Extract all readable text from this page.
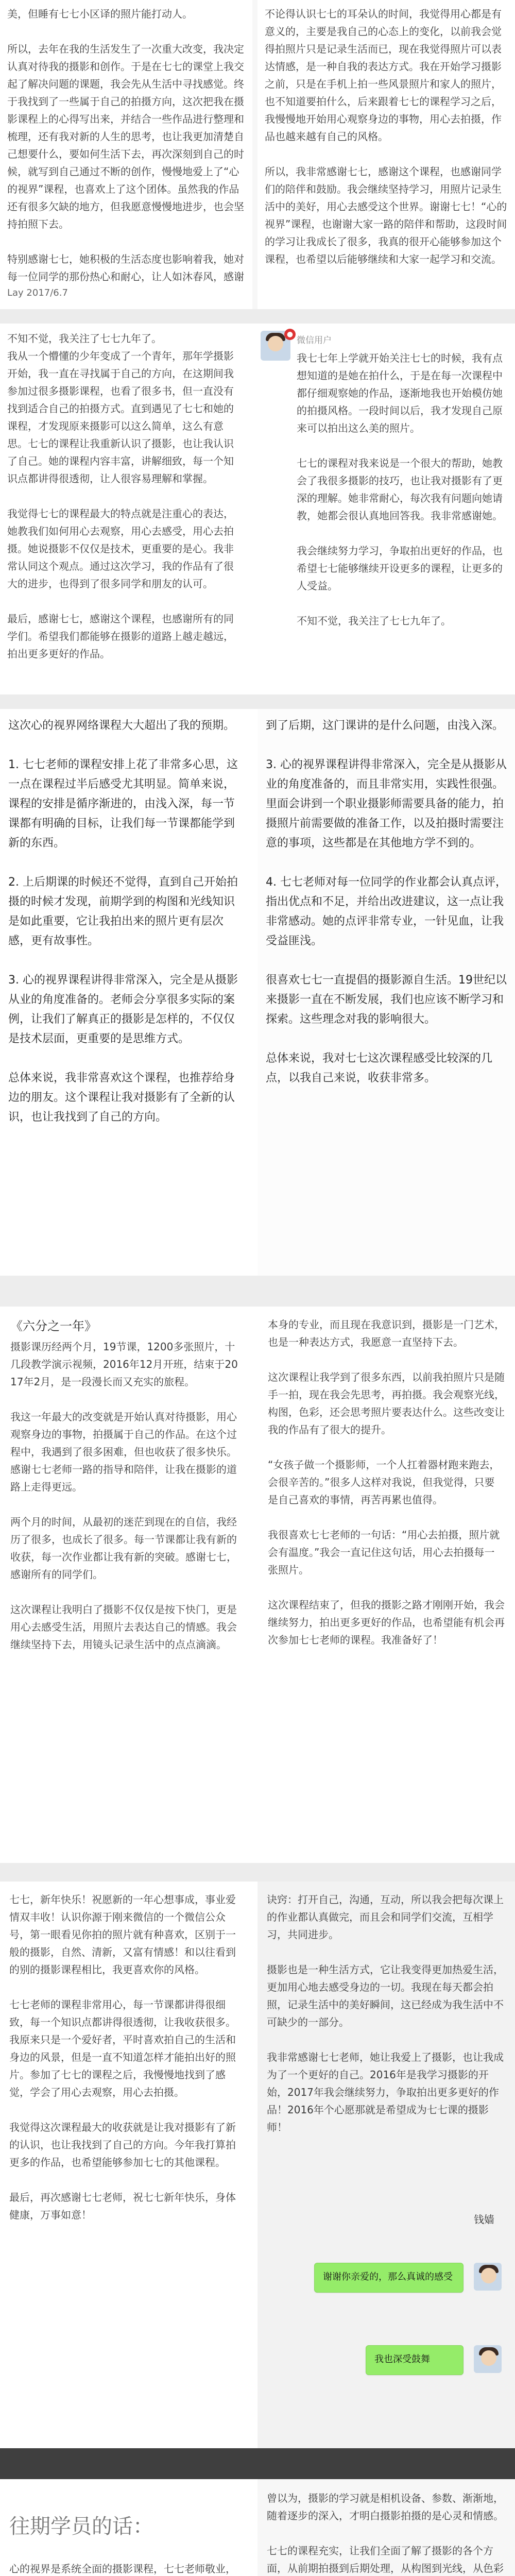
美，但睡有七七小区译的照片能打动人。

所以，去年在我的生活发生了一次重大改变，我决定认真对待我的摄影和创作。于是在七七的课堂上我交起了解决问题的课题，我会先从生活中寻找感觉。终于我找到了一些属于自己的拍摄方向，这次把我在摄影课程上的心得写出来，并结合一些作品进行整理和梳理，还有我对新的人生的思考，也让我更加清楚自己想要什么，要如何生活下去，再次深刻到自己的时候，就写到自己通过不断的创作，慢慢地爱上了“心的视界”课程，也喜欢上了这个团体。虽然我的作品还有很多欠缺的地方，但我愿意慢慢地进步，也会坚持拍照下去。

特别感谢七七，她积极的生活态度也影响着我，她对每一位同学的那份热心和耐心，让人如沐春风，感谢
Lay 2017/6.7
不论得认识七七的耳朵认的时间，我觉得用心都是有意义的，主要是我自己的心态上的变化，以前我会觉得拍照片只是记录生活而已，现在我觉得照片可以表达情感，是一种自我的表达方式。我在开始学习摄影之前，只是在手机上拍一些风景照片和家人的照片，也不知道要拍什么，后来跟着七七的课程学习之后，我慢慢地开始用心观察身边的事物，用心去拍摄，作品也越来越有自己的风格。

所以，我非常感谢七七，感谢这个课程，也感谢同学们的陪伴和鼓励。我会继续坚持学习，用照片记录生活中的美好，用心去感受这个世界。谢谢七七！“心的视界”课程，也谢谢大家一路的陪伴和帮助，这段时间的学习让我成长了很多，我真的很开心能够参加这个课程，也希望以后能够继续和大家一起学习和交流。
不知不觉，我关注了七七九年了。
我从一个懵懂的少年变成了一个青年，那年学摄影开始，我一直在寻找属于自己的方向，在这期间我参加过很多摄影课程，也看了很多书，但一直没有找到适合自己的拍摄方式。直到遇见了七七和她的课程，才发现原来摄影可以这么简单，这么有意思。七七的课程让我重新认识了摄影，也让我认识了自己。她的课程内容丰富，讲解细致，每一个知识点都讲得很透彻，让人很容易理解和掌握。

我觉得七七的课程最大的特点就是注重心的表达，她教我们如何用心去观察，用心去感受，用心去拍摄。她说摄影不仅仅是技术，更重要的是心。我非常认同这个观点。通过这次学习，我的作品有了很大的进步，也得到了很多同学和朋友的认可。

最后，感谢七七，感谢这个课程，也感谢所有的同学们。希望我们都能够在摄影的道路上越走越远，拍出更多更好的作品。
微信用户
●
我七七年上学就开始关注七七的时候，我有点想知道的是她在拍什么，于是在每一次课程中都仔细观察她的作品，逐渐地我也开始模仿她的拍摄风格。一段时间以后，我才发现自己原来可以拍出这么美的照片。

七七的课程对我来说是一个很大的帮助，她教会了我很多摄影的技巧，也让我对摄影有了更深的理解。她非常耐心，每次我有问题向她请教，她都会很认真地回答我。我非常感谢她。

我会继续努力学习，争取拍出更好的作品，也希望七七能够继续开设更多的课程，让更多的人受益。

不知不觉，我关注了七七九年了。
这次心的视界网络课程大大超出了我的预期。

1. 七七老师的课程安排上花了非常多心思，这一点在课程过半后感受尤其明显。简单来说，课程的安排是循序渐进的，由浅入深，每一节课都有明确的目标，让我们每一节课都能学到新的东西。

2. 上后期课的时候还不觉得，直到自己开始拍摄的时候才发现，前期学到的构图和光线知识是如此重要，它让我拍出来的照片更有层次感，更有故事性。

3. 心的视界课程讲得非常深入，完全是从摄影从业的角度准备的。老师会分享很多实际的案例，让我们了解真正的摄影是怎样的，不仅仅是技术层面，更重要的是思维方式。

总体来说，我非常喜欢这个课程，也推荐给身边的朋友。这个课程让我对摄影有了全新的认识，也让我找到了自己的方向。
到了后期，这门课讲的是什么问题，由浅入深。

3. 心的视界课程讲得非常深入，完全是从摄影从业的角度准备的，而且非常实用，实践性很强。里面会讲到一个职业摄影师需要具备的能力，拍摄照片前需要做的准备工作，以及拍摄时需要注意的事项，这些都是在其他地方学不到的。

4. 七七老师对每一位同学的作业都会认真点评，指出优点和不足，并给出改进建议，这一点让我非常感动。她的点评非常专业，一针见血，让我受益匪浅。

很喜欢七七一直提倡的摄影源自生活。19世纪以来摄影一直在不断发展，我们也应该不断学习和探索。这些理念对我的影响很大。

总体来说，我对七七这次课程感受比较深的几点，以我自己来说，收获非常多。
《六分之一年》
摄影课历经两个月，19节课，1200多张照片，十几段教学演示视频，2016年12月开班，结束于2017年2月，是一段漫长而又充实的旅程。

我这一年最大的改变就是开始认真对待摄影，用心观察身边的事物，拍摄属于自己的作品。在这个过程中，我遇到了很多困难，但也收获了很多快乐。感谢七七老师一路的指导和陪伴，让我在摄影的道路上走得更远。

两个月的时间，从最初的迷茫到现在的自信，我经历了很多，也成长了很多。每一节课都让我有新的收获，每一次作业都让我有新的突破。感谢七七，感谢所有的同学们。

这次课程让我明白了摄影不仅仅是按下快门，更是用心去感受生活，用照片去表达自己的情感。我会继续坚持下去，用镜头记录生活中的点点滴滴。
本身的专业，而且现在我意识到，摄影是一门艺术，也是一种表达方式，我愿意一直坚持下去。

这次课程让我学到了很多东西，以前我拍照片只是随手一拍，现在我会先思考，再拍摄。我会观察光线，构图，色彩，还会思考照片要表达什么。这些改变让我的作品有了很大的提升。

“女孩子做一个摄影师，一个人扛着器材跑来跑去，会很辛苦的。”很多人这样对我说，但我觉得，只要是自己喜欢的事情，再苦再累也值得。

我很喜欢七七老师的一句话：“用心去拍摄，照片就会有温度。”我会一直记住这句话，用心去拍摄每一张照片。

这次课程结束了，但我的摄影之路才刚刚开始，我会继续努力，拍出更多更好的作品，也希望能有机会再次参加七七老师的课程。我准备好了！
七七，新年快乐！祝愿新的一年心想事成，事业爱情双丰收！认识你源于刚来微信的一个微信公众号，第一眼看见你拍的照片就有种喜欢，区别于一般的摄影，自然、清新，又富有情感！和以往看到的别的摄影课程相比，我更喜欢你的风格。

七七老师的课程非常用心，每一节课都讲得很细致，每一个知识点都讲得很透彻，让我收获很多。我原来只是一个爱好者，平时喜欢拍自己的生活和身边的风景，但是一直不知道怎样才能拍出好的照片。参加了七七的课程之后，我慢慢地找到了感觉，学会了用心去观察，用心去拍摄。

我觉得这次课程最大的收获就是让我对摄影有了新的认识，也让我找到了自己的方向。今年我打算拍更多的作品，也希望能够参加七七的其他课程。

最后，再次感谢七七老师，祝七七新年快乐，身体健康，万事如意！
诀窍：打开自己，沟通，互动，所以我会把每次课上的作业都认真做完，而且会和同学们交流，互相学习，共同进步。

摄影也是一种生活方式，它让我变得更加热爱生活，更加用心地去感受身边的一切。我现在每天都会拍照，记录生活中的美好瞬间，这已经成为我生活中不可缺少的一部分。

我非常感谢七七老师，她让我爱上了摄影，也让我成为了一个更好的自己。2016年是我学习摄影的开始，2017年我会继续努力，争取拍出更多更好的作品！2016年个心愿那就是希望成为七七课的摄影师！
钱嫱
谢谢你亲爱的，那么真诚的感受
我也深受鼓舞
往期学员的话：
心的视界是系统全面的摄影课程，七七老师敬业，
曾以为，摄影的学习就是相机设备、参数、渐渐地，随着逐步的深入，才明白摄影拍摄的是心灵和情感。

七七的课程充实，让我们全面了解了摄影的各个方面，从前期拍摄到后期处理，从构图到光线，从色彩
